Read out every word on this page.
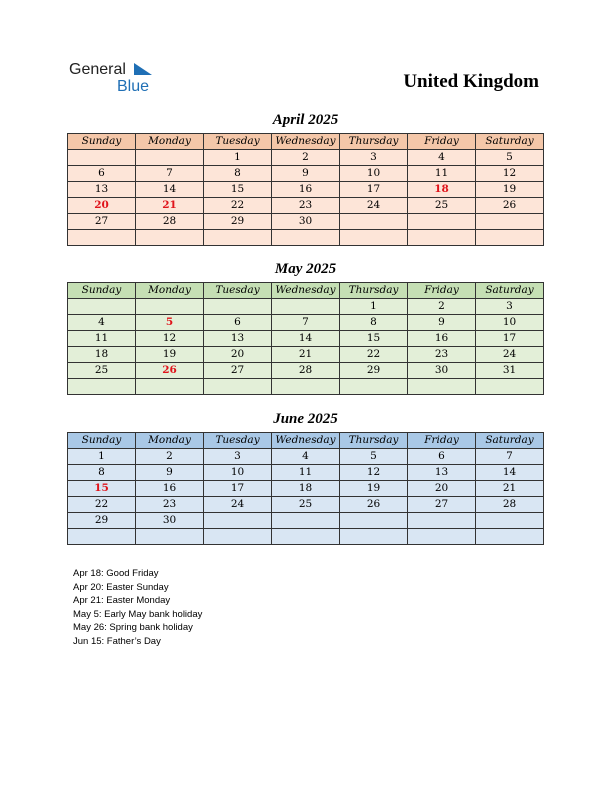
General
Blue	United Kingdom
April 2025
Sunday	Monday	Tuesday	Wednesday	Thursday	Friday	Saturday
		1	2	3	4	5
6	7	8	9	10	11	12
13	14	15	16	17	18	19
20	21	22	23	24	25	26
27	28	29	30			

May 2025
Sunday	Monday	Tuesday	Wednesday	Thursday	Friday	Saturday
				1	2	3
4	5	6	7	8	9	10
11	12	13	14	15	16	17
18	19	20	21	22	23	24
25	26	27	28	29	30	31

June 2025
Sunday	Monday	Tuesday	Wednesday	Thursday	Friday	Saturday
1	2	3	4	5	6	7
8	9	10	11	12	13	14
15	16	17	18	19	20	21
22	23	24	25	26	27	28
29	30					

Apr 18: Good Friday
Apr 20: Easter Sunday
Apr 21: Easter Monday
May 5: Early May bank holiday
May 26: Spring bank holiday
Jun 15: Father’s Day
